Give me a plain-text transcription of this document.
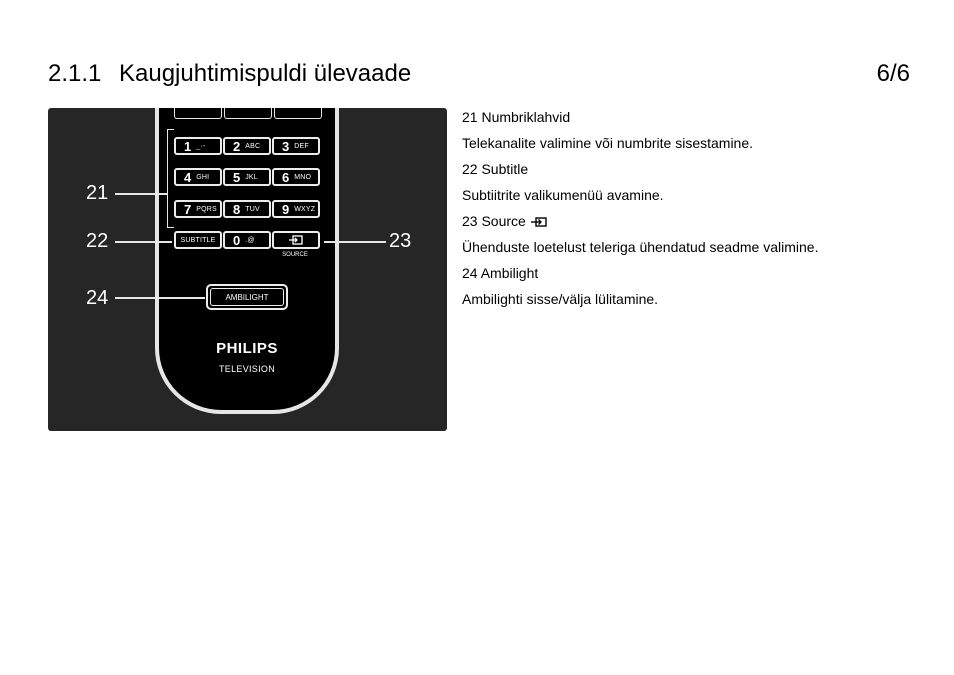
2.1.1 Kaugjuhtimispuldi ülevaade	6/6
1 _·- 2 ABC 3 DEF
4 GHI 5 JKL 6 MNO
7 PQRS 8 TUV 9 WXYZ
SUBTITLE 0 .@
SOURCE
21
22	23
24	AMBILIGHT
PHILIPS
TELEVISION
21 Numbriklahvid
Telekanalite valimine või numbrite sisestamine.
22 Subtitle
Subtiitrite valikumenüü avamine.
23 Source
Ühenduste loetelust teleriga ühendatud seadme valimine.
24 Ambilight
Ambilighti sisse/välja lülitamine.
